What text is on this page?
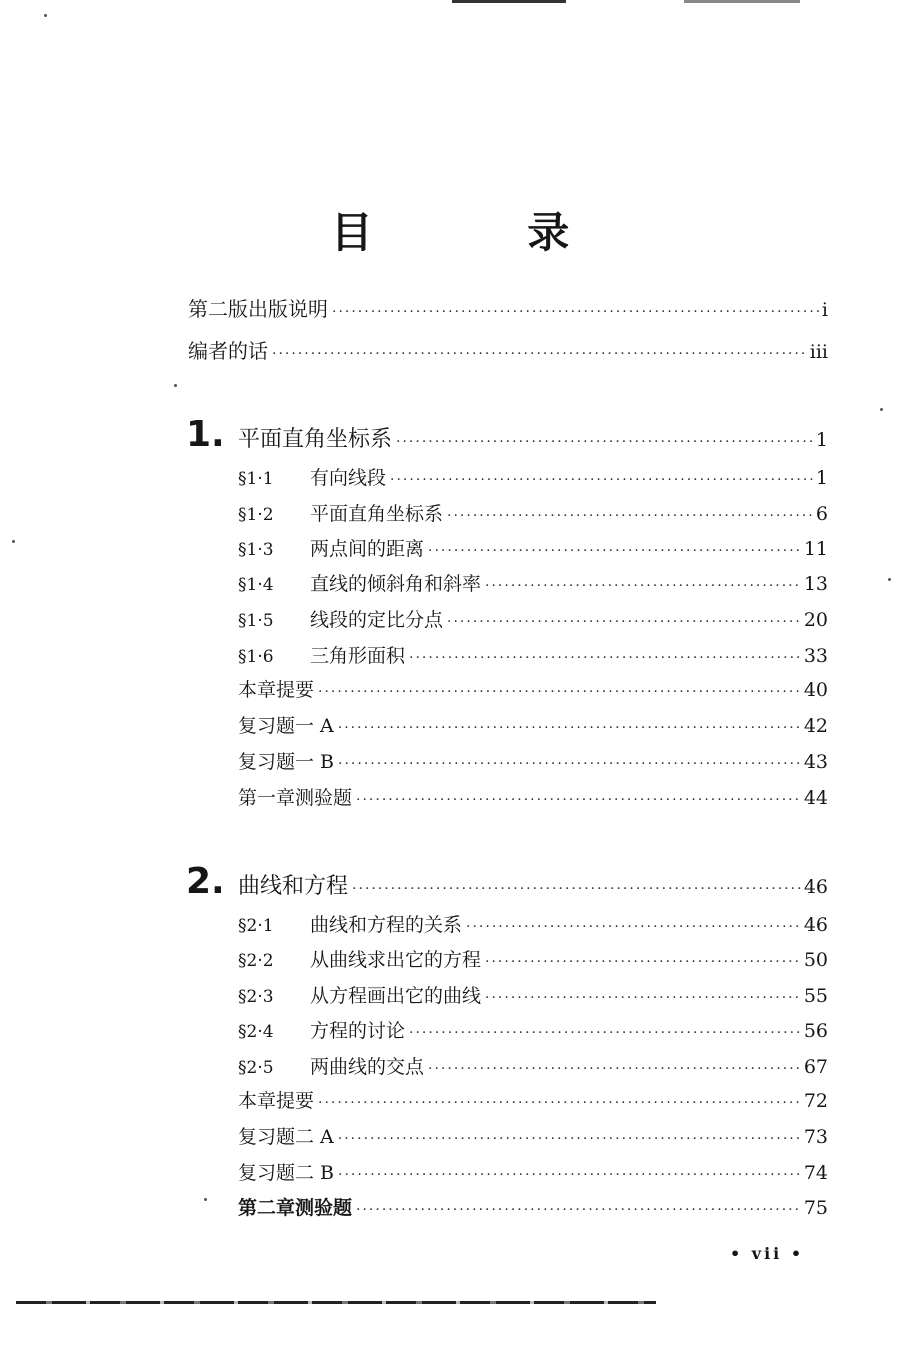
目 录
第二版出版说明 ·····	i
编者的话 ·····	iii
1. 平面直角坐标系 ·····	1
§1·1	有向线段 ·····	1
§1·2	平面直角坐标系 ·····	6
§1·3	两点间的距离 ·····	11
§1·4	直线的倾斜角和斜率 ·····	13
§1·5	线段的定比分点 ·····	20
§1·6	三角形面积 ·····	33
本章提要 ·····	40
复习题一 A ·····	42
复习题一 B ·····	43
第一章测验题 ·····	44
2. 曲线和方程 ·····	46
§2·1	曲线和方程的关系 ·····	46
§2·2	从曲线求出它的方程 ·····	50
§2·3	从方程画出它的曲线 ·····	55
§2·4	方程的讨论 ·····	56
§2·5	两曲线的交点 ·····	67
本章提要 ·····	72
复习题二 A ·····	73
复习题二 B ·····	74
第二章测验题 ·····	75
• vii •
